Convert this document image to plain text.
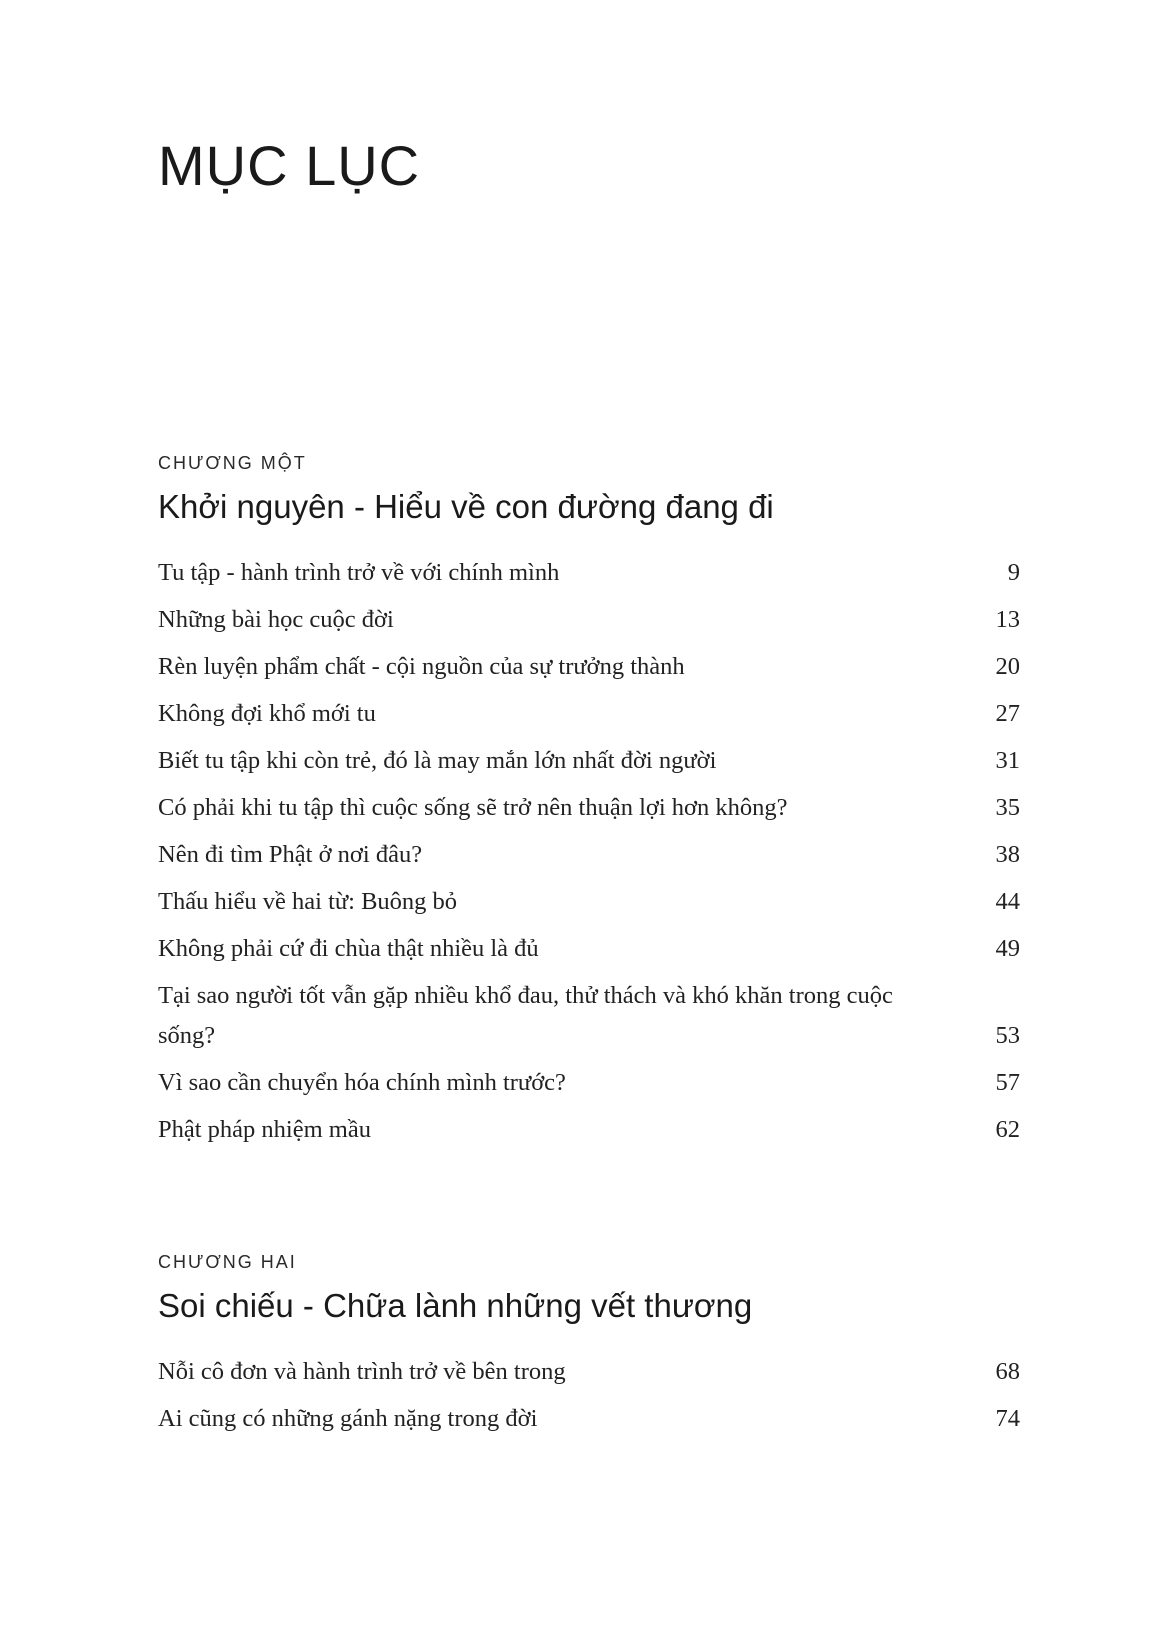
MỤC LỤC
CHƯƠNG MỘT
Khởi nguyên - Hiểu về con đường đang đi
Tu tập - hành trình trở về với chính mình	9
Những bài học cuộc đời	13
Rèn luyện phẩm chất - cội nguồn của sự trưởng thành	20
Không đợi khổ mới tu	27
Biết tu tập khi còn trẻ, đó là may mắn lớn nhất đời người	31
Có phải khi tu tập thì cuộc sống sẽ trở nên thuận lợi hơn không?	35
Nên đi tìm Phật ở nơi đâu?	38
Thấu hiểu về hai từ: Buông bỏ	44
Không phải cứ đi chùa thật nhiều là đủ	49
Tại sao người tốt vẫn gặp nhiều khổ đau, thử thách và khó khăn trong cuộc sống?	53
Vì sao cần chuyển hóa chính mình trước?	57
Phật pháp nhiệm mầu	62
CHƯƠNG HAI
Soi chiếu - Chữa lành những vết thương
Nỗi cô đơn và hành trình trở về bên trong	68
Ai cũng có những gánh nặng trong đời	74
